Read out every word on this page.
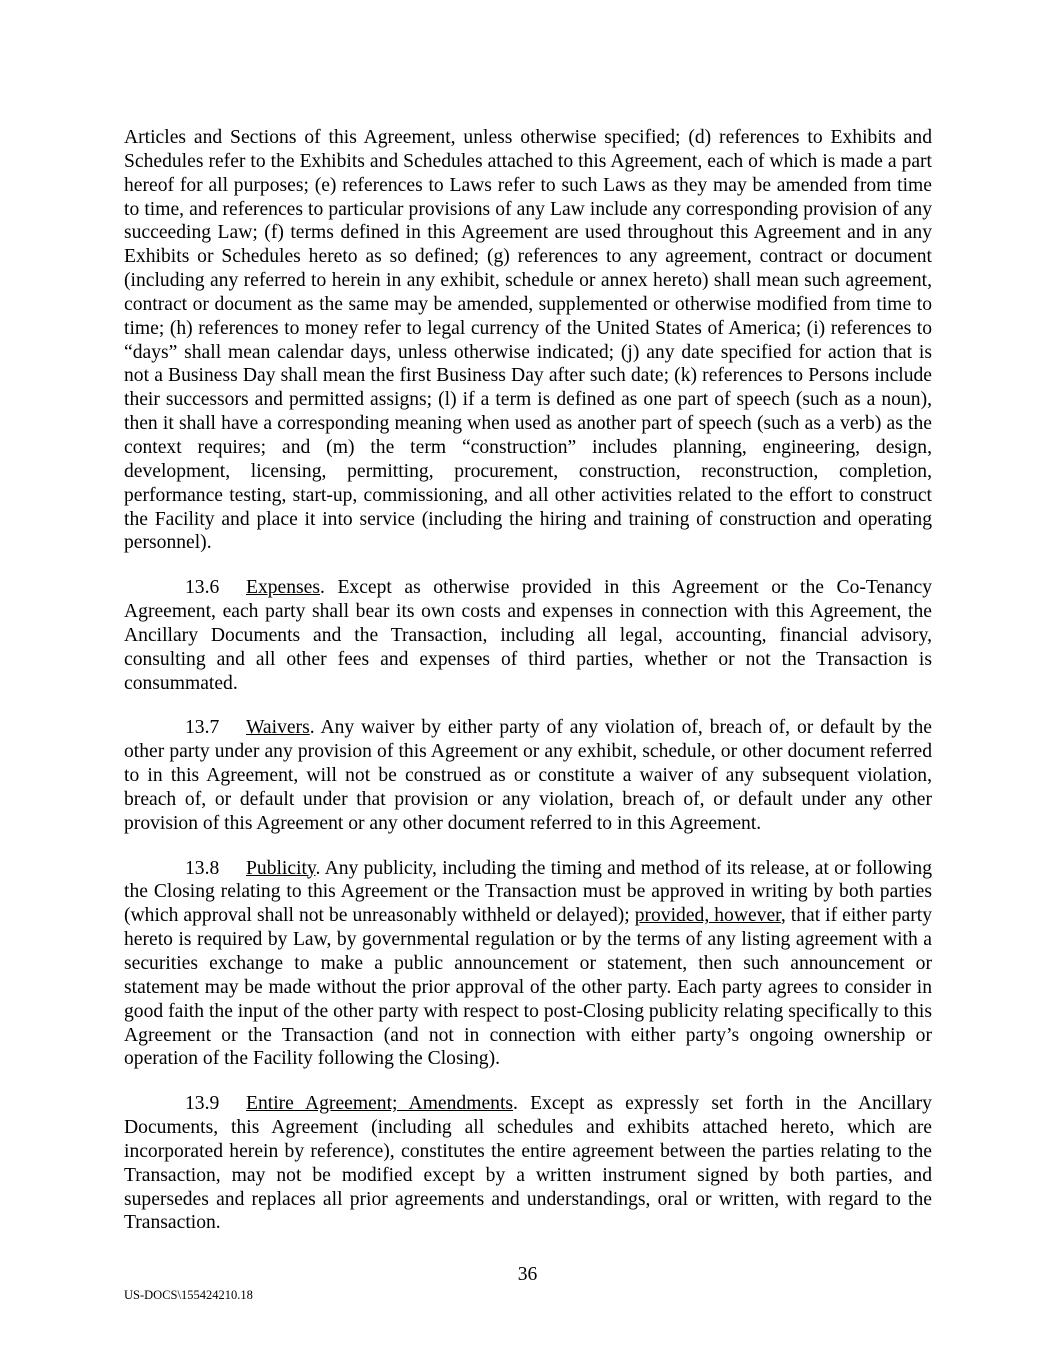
Articles and Sections of this Agreement, unless otherwise specified; (d) references to Exhibits and Schedules refer to the Exhibits and Schedules attached to this Agreement, each of which is made a part hereof for all purposes; (e) references to Laws refer to such Laws as they may be amended from time to time, and references to particular provisions of any Law include any corresponding provision of any succeeding Law; (f) terms defined in this Agreement are used throughout this Agreement and in any Exhibits or Schedules hereto as so defined; (g) references to any agreement, contract or document (including any referred to herein in any exhibit, schedule or annex hereto) shall mean such agreement, contract or document as the same may be amended, supplemented or otherwise modified from time to time; (h) references to money refer to legal currency of the United States of America; (i) references to “days” shall mean calendar days, unless otherwise indicated; (j) any date specified for action that is not a Business Day shall mean the first Business Day after such date; (k) references to Persons include their successors and permitted assigns; (l) if a term is defined as one part of speech (such as a noun), then it shall have a corresponding meaning when used as another part of speech (such as a verb) as the context requires; and (m) the term “construction” includes planning, engineering, design, development, licensing, permitting, procurement, construction, reconstruction, completion, performance testing, start-up, commissioning, and all other activities related to the effort to construct the Facility and place it into service (including the hiring and training of construction and operating personnel).

13.6 Expenses. Except as otherwise provided in this Agreement or the Co-Tenancy Agreement, each party shall bear its own costs and expenses in connection with this Agreement, the Ancillary Documents and the Transaction, including all legal, accounting, financial advisory, consulting and all other fees and expenses of third parties, whether or not the Transaction is consummated.

13.7 Waivers. Any waiver by either party of any violation of, breach of, or default by the other party under any provision of this Agreement or any exhibit, schedule, or other document referred to in this Agreement, will not be construed as or constitute a waiver of any subsequent violation, breach of, or default under that provision or any violation, breach of, or default under any other provision of this Agreement or any other document referred to in this Agreement.

13.8 Publicity. Any publicity, including the timing and method of its release, at or following the Closing relating to this Agreement or the Transaction must be approved in writing by both parties (which approval shall not be unreasonably withheld or delayed); provided, however, that if either party hereto is required by Law, by governmental regulation or by the terms of any listing agreement with a securities exchange to make a public announcement or statement, then such announcement or statement may be made without the prior approval of the other party. Each party agrees to consider in good faith the input of the other party with respect to post-Closing publicity relating specifically to this Agreement or the Transaction (and not in connection with either party’s ongoing ownership or operation of the Facility following the Closing).

13.9 Entire Agreement; Amendments. Except as expressly set forth in the Ancillary Documents, this Agreement (including all schedules and exhibits attached hereto, which are incorporated herein by reference), constitutes the entire agreement between the parties relating to the Transaction, may not be modified except by a written instrument signed by both parties, and supersedes and replaces all prior agreements and understandings, oral or written, with regard to the Transaction.

36
US-DOCS\155424210.18
